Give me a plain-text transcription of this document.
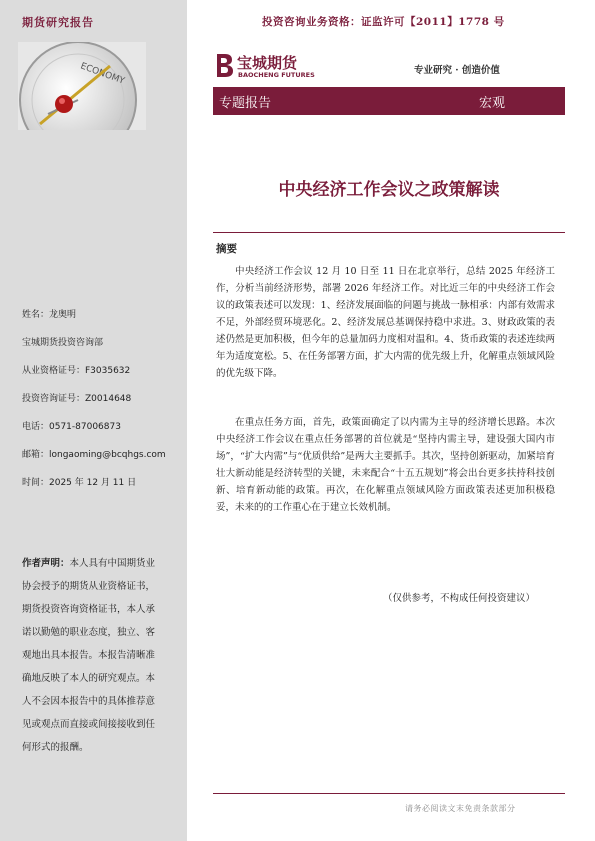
期货研究报告
姓名：龙奥明
宝城期货投资咨询部
从业资格证号：F3035632
投资咨询证号：Z0014648
电话：0571-87006873
邮箱：longaoming@bcqhgs.com
时间：2025 年 12 月 11 日
作者声明：本人具有中国期货业协会授予的期货从业资格证书，期货投资咨询资格证书，本人承诺以勤勉的职业态度，独立、客观地出具本报告。本报告清晰准确地反映了本人的研究观点。本人不会因本报告中的具体推荐意见或观点而直接或间接接收到任何形式的报酬。
投资咨询业务资格：证监许可【2011】1778 号
宝城期货
BAOCHENG FUTURES	专业研究 · 创造价值
专题报告	宏观
中央经济工作会议之政策解读
摘要

中央经济工作会议 12 月 10 日至 11 日在北京举行，总结 2025 年经济工作，分析当前经济形势，部署 2026 年经济工作。对比近三年的中央经济工作会议的政策表述可以发现：1、经济发展面临的问题与挑战一脉相承：内部有效需求不足，外部经贸环境恶化。2、经济发展总基调保持稳中求进。3、财政政策的表述仍然是更加积极，但今年的总量加码力度相对温和。4、货币政策的表述连续两年为适度宽松。5、在任务部署方面，扩大内需的优先级上升，化解重点领域风险的优先级下降。

在重点任务方面，首先，政策面确定了以内需为主导的经济增长思路。本次中央经济工作会议在重点任务部署的首位就是“坚持内需主导，建设强大国内市场”，“扩大内需”与“优质供给”是两大主要抓手。其次，坚持创新驱动，加紧培育壮大新动能是经济转型的关键，未来配合“十五五规划”将会出台更多扶持科技创新、培育新动能的政策。再次，在化解重点领域风险方面政策表述更加积极稳妥，未来的的工作重心在于建立长效机制。

（仅供参考，不构成任何投资建议）
请务必阅读文末免责条款部分
